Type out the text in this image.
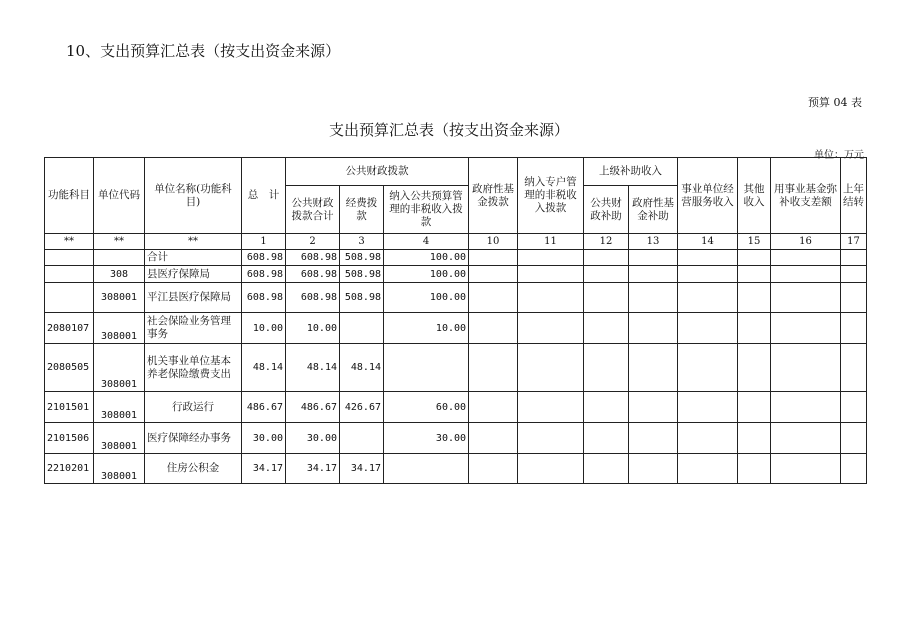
10、支出预算汇总表（按支出资金来源）
预算 04 表
支出预算汇总表（按支出资金来源）
单位：万元
功能科目	单位代码	单位名称(功能科目)	总　计	公共财政拨款			政府性基金拨款	纳入专户管理的非税收入拨款	上级补助收入		事业单位经营服务收入	其他收入	用事业基金弥补收支差额	上年结转
				公共财政拨款合计	经费拨款	纳入公共预算管理的非税收入拨款			公共财政补助	政府性基金补助				
**	**	**	1	2	3	4	10	11	12	13	14	15	16	17
		合计	608.98	608.98	508.98	100.00								
	308	县医疗保障局	608.98	608.98	508.98	100.00								
	308001	平江县医疗保障局	608.98	608.98	508.98	100.00								
2080107	308001	社会保险业务管理事务	10.00	10.00		10.00								
2080505	308001	机关事业单位基本养老保险缴费支出	48.14	48.14	48.14									
2101501	308001	行政运行	486.67	486.67	426.67	60.00								
2101506	308001	医疗保障经办事务	30.00	30.00		30.00								
2210201	308001	住房公积金	34.17	34.17	34.17									
